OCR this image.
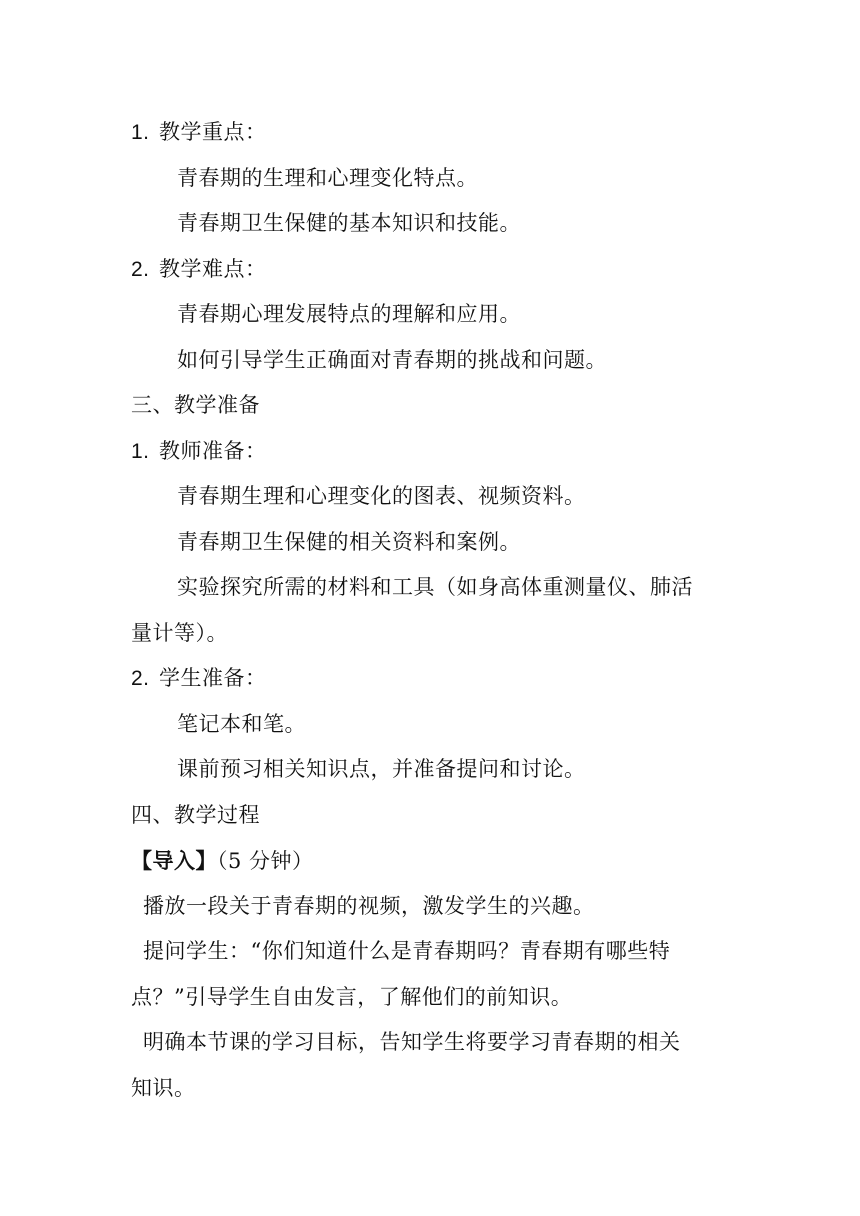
1. 教学重点：
青春期的生理和心理变化特点。
青春期卫生保健的基本知识和技能。
2. 教学难点：
青春期心理发展特点的理解和应用。
如何引导学生正确面对青春期的挑战和问题。
三、教学准备
1. 教师准备：
青春期生理和心理变化的图表、视频资料。
青春期卫生保健的相关资料和案例。
实验探究所需的材料和工具（如身高体重测量仪、肺活
量计等）。
2. 学生准备：
笔记本和笔。
课前预习相关知识点，并准备提问和讨论。
四、教学过程
【导入】（5 分钟）
播放一段关于青春期的视频，激发学生的兴趣。
提问学生：“你们知道什么是青春期吗？青春期有哪些特
点？”引导学生自由发言，了解他们的前知识。
明确本节课的学习目标，告知学生将要学习青春期的相关
知识。
